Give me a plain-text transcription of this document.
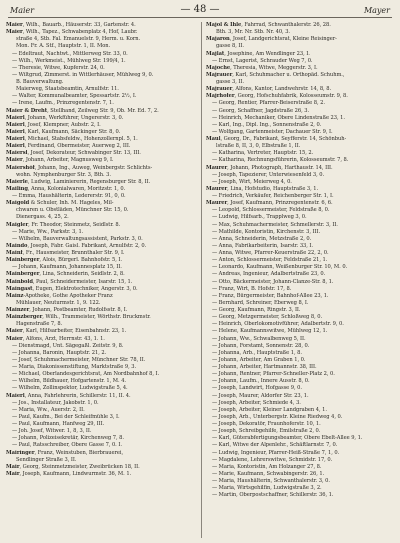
Maier	— 48 —	Mayer
Maier, Wilh., Bauarb., Häuserstr. 33, Gartenstr. 4.
Maier, Wilh., Tapez., Schwabenplatz 4, Hof, Laubr.
straße 4, Stb. Fal. Emanuelstr. 9, Herm. u. Korn.
Mon. Fr. A. Stf., Hauptstr. 1, II. Mon.
— Edeltraut, Nachtwt., Mittlerweg Str. 33, 0.
— Wilh., Werkmeist., Mühlweg Str. 199/4, 1.
— Theresie, Witwe, Kupferstr. 24, 0.
— Wiltgrud, Zimmerst. in Wittlerhäuser, Mühlweg 9, 0.
B. Bauverwaltung.
Maierweg, Staatsbeamtin, Arnulfstr. 11.
— Walter, Kommunalbeamter, Spessartstr. 2½, I.
— Irene, Laufm., Prinzregentenstr. 7, 1.
Maier & Dreht, Stellhand, Zeilweg Str. 9, Ob. Mr. Ed. 7, 2.
Maierl, Johann, Werkführer, Ungererstr. 3, 0.
Maierl, Josef, Klempner, Aubstr. 2, I.
Maierl, Karl, Kaufmann, Säckinger Str. 8, 0.
Maierl, Michael, Stabsfeldw., Hohenzollernpl. 5, 1.
Maierl, Ferdinand, Obermeister, Auerweg 2, III.
Maiersl, Josef, Dekorateur, Schwabinger Str. 13, III.
Maier, Johann, Arbeiter, Magnusweg 9, I.
Maiershöf, Johann, Ing., Auweg, Weinbergstr. Schlichts-
wohn. Nymphenburger Str. 3, Bth. 3.
Maierle, Ludwig, Laminiererin, Regensburger Str. 8, II.
Mailing, Anna, Kolonialwaren, Moritzstr. 1, 0.
— Emma, Haushälterin, Ledererstr. 91, 0, 0.
Maigold & Schuler, Inh. M. Hageles, Mil-
chwaren u. Obstläden, Münchner Str. 15, 0.
Dienergass. 4, 25, 2.
Maigler, Fr. Theodor, Steinmetz, Seidlstr. 8.
— Marie, Ww., Parkstr. 3, 1.
— Wilhelm, Bauverwaltungsassistent, Parkstr. 3, 0.
Maindo, Joseph, Fabr. Gaisl. Fabrikant, Arnulfstr. 2, 0.
Mainf, Fr., Hausmeister, Brunnthaler Str. 9, I.
Mainberger, Alois, Bürgerl. Bahnhofstr. 5, I.
— Johann, Kaufmann, Johannesplatz 15, II.
Mainberger, Lina, Schneiderin, Seidlstr. 2, 8.
Mainbold, Paul, Schneidermeister, Isarstr. 15, 1.
Maingast, Eugen, Elektrotechniker, Angerstr. 3, 0.
Mainz-Apotheke, Gothe Apotheker Franz
Mühlauer, Neuturmstr. 1, 9. 122.
Mainzer, Johann, Postbeamter, Rudolfsstr. 8, I.
Mainzberger, Wilh., Trammeister, Wörthstr. Bruckmstr.
Hagenstraße 7, 8.
Maier, Karl, Hilfsarbeiter, Eisenbahnstr. 23, 1.
Maier, Alfons, Arzt, Herrnstr. 43, 1. 1.
— Dienstmagd, Unt. Sägegaßl. Zeitstr. 9, 8.
— Johanna, Baronin, Hauptstr. 21, 2.
— Josef, Schuhmachermeister, Münchner Str. 78, II.
— Maria, Diakonissenstiftung, Marktstraße 9, 3.
— Michael, Oberlandesgerichtsrat, Am Nordbahnhof 8, I.
— Wilhelm, Bildhauer, Hofgartenstr. 1, M. 4.
— Wilhelm, Zollinspektor, Ludwigstraße 5, 4.
Maierl, Anna, Fahrlehrerin, Schillerstr. 11, II. 4.
— Jos., Installateur, Jakobstr. 1, 0.
— Maria, Ww., Auerstr. 2, II.
— Paul, Kaufm., Bei der Schleifmühle 3, I.
— Paul, Kaufmann, Hanfweg 29, III.
— Joh. Josef, Witwer. 1, 8, 3, II.
— Johann, Polizeisekretär, Kirchenweg 7, 8.
— Paul, Ratsschreiber, Obere Gasse 7, 0. I.
Mairinger, Franz, Weinstuben, Bierbrauerei,
Sendlinger Straße 3, II.
Mair, Georg, Steinmetzmeister, Zweibrücken 18, II.
Mair, Joseph, Kaufmann, Lindwurmstr. 36, M. 1.
Majol & Ihle, Fahrrad, Schwanthalerstr. 26, 28.
Bth. 3, Mr. Nr. Stb. Nr. 40, 3.
Majaron, Josef, Landgerichtsrat, Kleine Reisinger-
gasse 8, II.
Majlat, Josephine, Am Wendlinger 23, I.
— Ernst, Lagerist, Schrauder Weg 7, 0.
Majoche, Theresia, Witwe, Meggerstr. 3, I.
Majrauer, Karl, Schuhmacher u. Orthopäd. Schuhm.,
gasse 3, II.
Majrauer, Alfons, Kantor, Landwehrstr. 14, 8, 8.
Majrhofer, Georg, Hofschuhfabrik, Kolosseumstr. 9, 8.
— Georg, Rentier, Pfarrer-Beiserstraße 8, 2.
— Georg, Schaffner, Jagdstraße 26, 3.
— Heinrich, Mechaniker, Obere Lindenstraße 23, 1.
— Karl, Ing., Dipl. Ing., Sonnenstraße 2, 0.
— Wolfgang, Gartenmeister, Dachauer Str. 9, I.
Maul, Georg, Dr., Fabrikant, Seyfferstr. 14, Schönbuh-
lstraße 8, II, 3, 0, Elbstraße 1, II.
— Katharina, Vertreter, Hauptstr. 15, 2.
— Katharina, Rechnungsführerin, Kolosseumstr. 7, 8.
Maurer, Johann, Photograph, Harthaustr. 14, III.
— Joseph, Tapezierer, Unterwiesenfeld 3, 0.
— Joseph, Wirt, Meierweg 4, 0.
Maurer, Lina, Hofstudio, Hauptstraße 3, 1.
— Friedrich, Verkäufer, Reichenberger Str. 1, I.
Maurer, Josef, Kaufmann, Prinzregentenstr. 6, 6.
— Leopold, Schlossermeister, Feldstraße 8, 0.
— Ludwig, Hilfsarb., Trapplweg 3, 0.
— Max, Schuhmachermeister, Schmellerstr. 3, II.
— Mathilde, Kontoristin, Kirchenstr. 3, III.
— Anna, Schneiderin, Metzstraße 2, 0.
— Anna, Fabrikarbeiterin, Isarstr. 33, I.
— Anna, Witwe, Pfarrer-Keuerstraße 22, 2, 0.
— Anton, Schlossermeister, Feldstraße 21, 1.
— Leonardo, Kaufmann, Weißenburger Str. 10, M. 0.
— Andreas, Ingenieur, Adalbertstraße 23, 0.
— Otto, Bäckermeister, Johann-Clanze-Str. 8, 1.
— Franz, Wirt, B. Hofstr. 17, 8.
— Franz, Bürgermeister, Bahnhof-Allee 23, 1.
— Bernhard, Schreiner, Eberweg 8, I.
— Georg, Kaufmann, Ringstr. 3, II.
— Georg, Metzgermeister, Schloßweg 8, 0.
— Heinrich, Oberlokomotivführer, Adalbertstr. 9, 0.
— Helene, Kaufmannswitwe, Mühlweg 12, 1.
— Johann, Ww., Schwalbenweg 5, II.
— Johann, Forstamt, Sonnenstr. 28, 0.
— Johanna, Arb., Hauptstraße 1, 8.
— Johann, Arbeiter, Am Graben 1, 0.
— Johann, Arbeiter, Hartmannstr. 38, III.
— Johann, Rentner, Pfarrer-Schneller-Platz 2, 0.
— Johann, Laufm., Innere Ausstr. 8, 0.
— Joseph, Landwirt, Hofgasse 9, 0.
— Joseph, Maurer, Aldorfer Str. 23, 1.
— Joseph, Arbeiter, Schmiede 4, 3.
— Joseph, Arbeiter, Kleiner Landgraben 4, 1.
— Joseph, Arb., Unterbergstr. Kleine Riedweg 4, 0.
— Joseph, Dekoratör, Fraunhoferstr. 10, 1.
— Joseph, Schreibgehilfe, Emilstraße 2, 0.
— Karl, Güterabfertigungsbeamter, Obere Ebelt-Allee 9, 1.
— Karl, Witwe der Alpenlehr., Schäftlarnstr. 7, 0.
— Ludwig, Ingenieur, Pfarrer-Heiß-Straße 7, 1, 0.
— Magdalene, Lehrerswitwe, Schmidstr. 17, 0.
— Maria, Kontoristin, Am Holzanger 27, 8.
— Marie, Kaufmann, Schwabingerstr. 26, 1.
— Maria, Haushälterin, Schwanthalerstr. 3, 0.
— Maria, Wirtsgehilfin, Ludwigstraße 3, 2.
— Martin, Oberpostschaffner, Schillerstr. 36, 1.
